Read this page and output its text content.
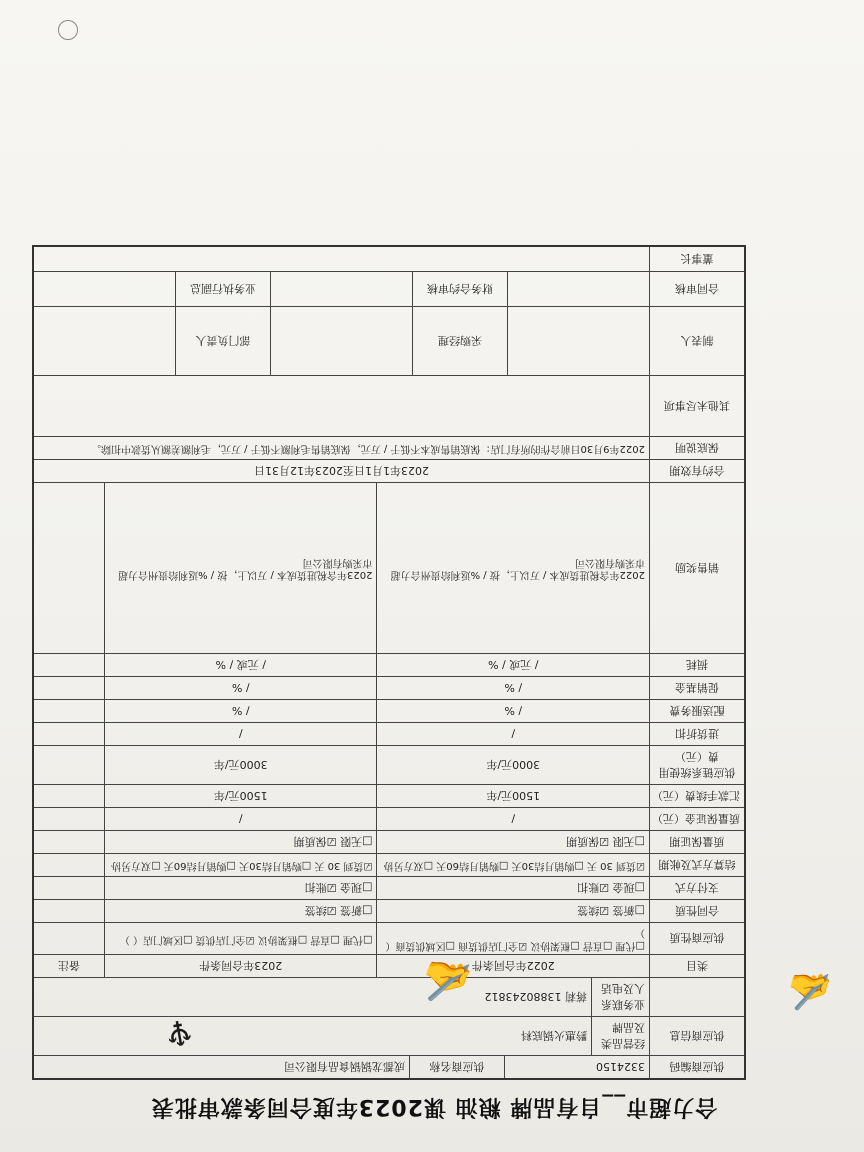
合力超市__自有品牌 粮油 课2023年度合同条款审批表
供应商编码
3324150
供应商名称
成都龙锅锅食品有限公司
供应商信息
经营品类及品牌
黔惠火锅底料
业务联系人及电话
蒋莉 13880243812
类目
2022年合同条件
2023年合同条件
备注
供应商性质
□代理 □直营 □框架协议 ☑全门店供货商 □区域供货商（ ）
□代理 □直营 □框架协议 ☑全门店供货 □区域门店（ ）
合同性质
□新签 ☑续签
□新签 ☑续签
支付方式
□现金 ☑账扣
□现金 ☑账扣
结算方式及帐期
☑货到 30 天 □购销月结30天 □购销月结60天 □双方另协
☑货到 30 天 □购销月结30天 □购销月结60天 □双方另协
质量保证期
□无限 ☑保质期
□无限 ☑保质期
质量保证金（元）
/
/
汇款手续费（元）
1500元/年
1500元/年
供应链系统使用费（元）
3000元/年
3000元/年
进货折扣
/
/
配送服务费
/ %
/ %
促销基金
/ %
/ %
损耗
/ 元或 / %
/ 元或 / %
销售奖励
2022年含税进货成本 / 万以上，按 / %返利给贵州合力超市采购有限公司
2023年含税进货成本 / 万以上，按 / %返利给贵州合力超市采购有限公司
合约有效期
2023年1月1日至2023年12月31日
保底说明
2022年9月30日前合作的所有门店：保底销售成本不低于 / 万元，保底销售毛利额不低于 / 万元，毛利额差额从货款中扣除。
其他未尽事项
制表人
采购经理
部门负责人
合同审核
财务合约审核
业务执行副总
董事长
♆
✍	✍
